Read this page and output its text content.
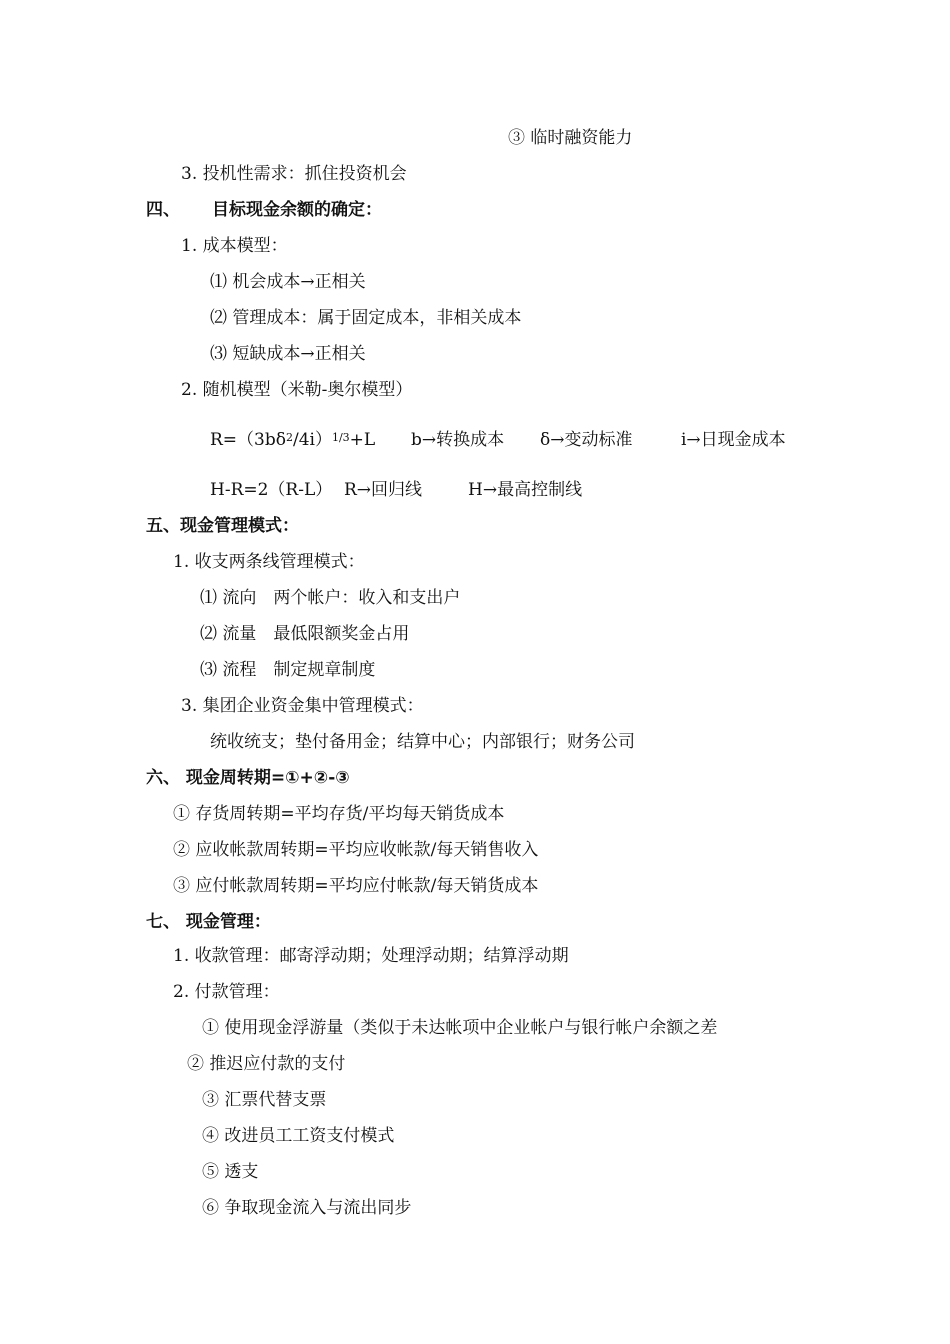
③ 临时融资能力
3. 投机性需求：抓住投资机会
四、 目标现金余额的确定：
1. 成本模型：
⑴ 机会成本→正相关
⑵ 管理成本：属于固定成本，非相关成本
⑶ 短缺成本→正相关
2. 随机模型（米勒-奥尔模型）
$R=(3b\delta^2/4i)^{1/3}+L$ b→转换成本 δ→变动标准	i→日现金成本
H-R=2（R-L） R→回归线	H→最高控制线
五、现金管理模式：
1. 收支两条线管理模式：
⑴ 流向　两个帐户：收入和支出户
⑵ 流量　最低限额奖金占用
⑶ 流程　制定规章制度
3. 集团企业资金集中管理模式：
统收统支；垫付备用金；结算中心；内部银行；财务公司
六、 现金周转期=①+②-③
① 存货周转期=平均存货/平均每天销货成本
② 应收帐款周转期=平均应收帐款/每天销售收入
③ 应付帐款周转期=平均应付帐款/每天销货成本
七、 现金管理：
1. 收款管理：邮寄浮动期；处理浮动期；结算浮动期
2. 付款管理：
① 使用现金浮游量（类似于未达帐项中企业帐户与银行帐户余额之差
② 推迟应付款的支付
③ 汇票代替支票
④ 改进员工工资支付模式
⑤ 透支
⑥ 争取现金流入与流出同步
